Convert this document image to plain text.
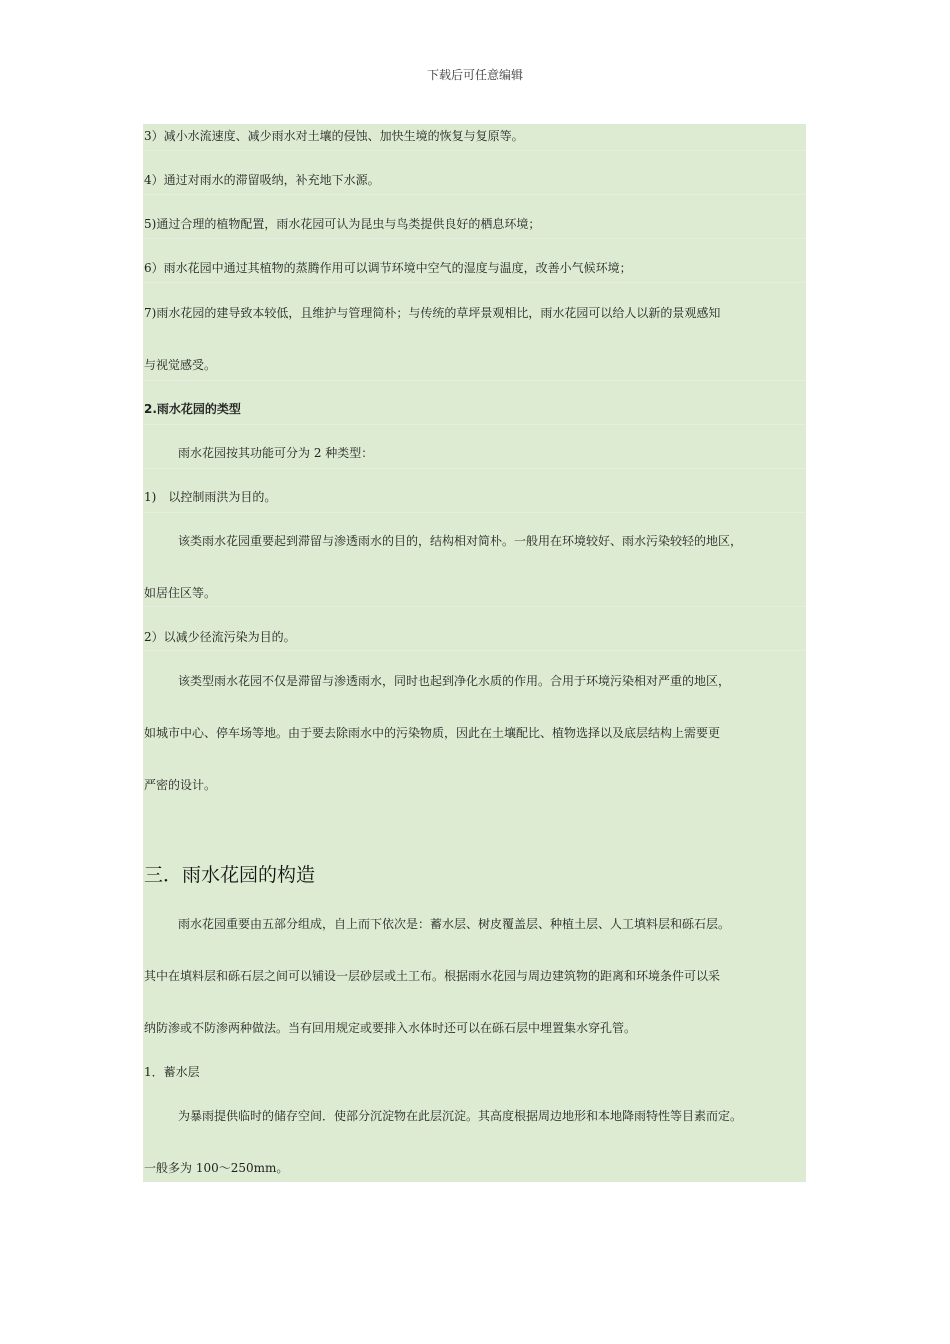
下载后可任意编辑
3）减小水流速度、减少雨水对土壤的侵蚀、加快生境的恢复与复原等。
4）通过对雨水的滞留吸纳，补充地下水源。
5)通过合理的植物配置，雨水花园可认为昆虫与鸟类提供良好的栖息环境；
6）雨水花园中通过其植物的蒸腾作用可以调节环境中空气的湿度与温度，改善小气候环境；
7)雨水花园的建导致本较低，且维护与管理简朴；与传统的草坪景观相比，雨水花园可以给人以新的景观感知
与视觉感受。
2.雨水花园的类型
雨水花园按其功能可分为 2 种类型：
1)　以控制雨洪为目的。
该类雨水花园重要起到滞留与渗透雨水的目的，结构相对简朴。一般用在环境较好、雨水污染较轻的地区，
如居住区等。
2）以减少径流污染为目的。
该类型雨水花园不仅是滞留与渗透雨水，同时也起到净化水质的作用。合用于环境污染相对严重的地区，
如城市中心、停车场等地。由于要去除雨水中的污染物质，因此在土壤配比、植物选择以及底层结构上需要更
严密的设计。
三．雨水花园的构造
雨水花园重要由五部分组成，自上而下依次是：蓄水层、树皮覆盖层、种植土层、人工填料层和砾石层。
其中在填料层和砾石层之间可以铺设一层砂层或土工布。根据雨水花园与周边建筑物的距离和环境条件可以采
纳防渗或不防渗两种做法。当有回用规定或要排入水体时还可以在砾石层中埋置集水穿孔管。
1．蓄水层
为暴雨提供临时的储存空间．使部分沉淀物在此层沉淀。其高度根据周边地形和本地降雨特性等目素而定。
一般多为 100～250mm。
